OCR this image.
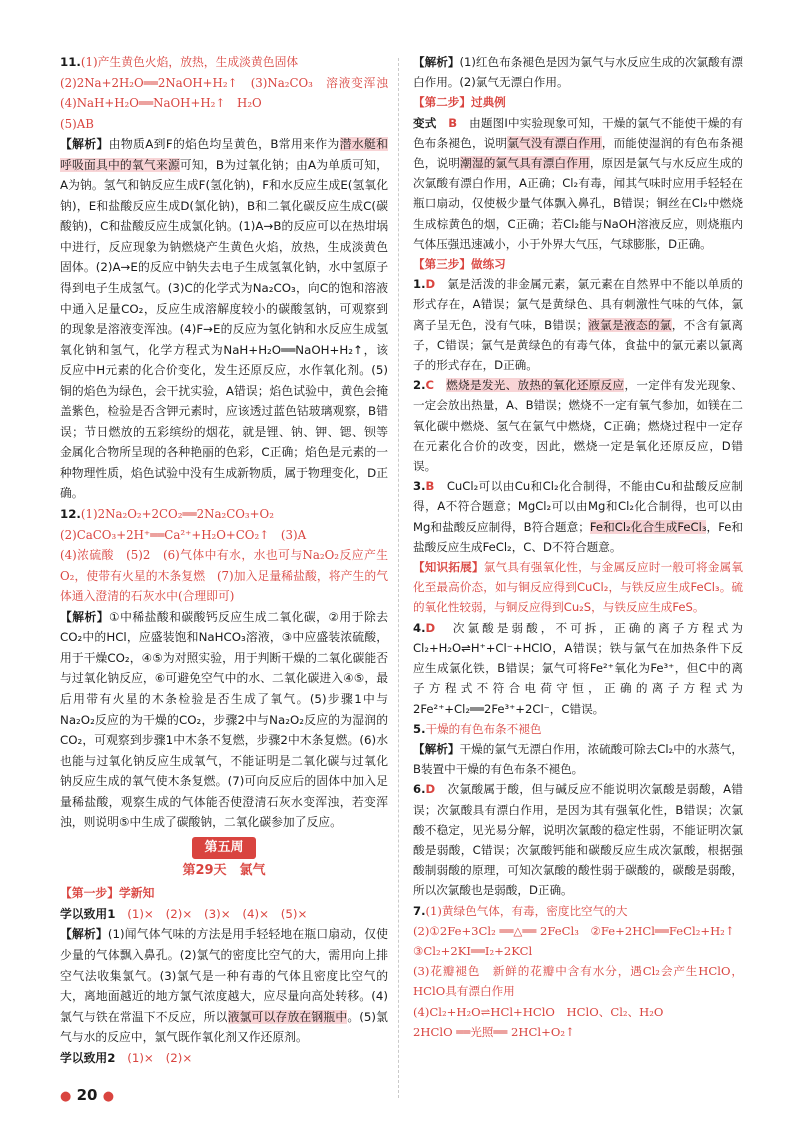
11.(1)产生黄色火焰，放热，生成淡黄色固体

(2)2Na+2H₂O══2NaOH+H₂↑　(3)Na₂CO₃　溶液变浑浊　(4)NaH+H₂O══NaOH+H₂↑　H₂O

(5)AB

【解析】由物质A到F的焰色均呈黄色，B常用来作为潜水艇和呼吸面具中的氧气来源可知，B为过氧化钠；由A为单质可知，A为钠。氢气和钠反应生成F(氢化钠)，F和水反应生成E(氢氧化钠)，E和盐酸反应生成D(氯化钠)，B和二氧化碳反应生成C(碳酸钠)，C和盐酸反应生成氯化钠。(1)A→B的反应可以在热坩埚中进行，反应现象为钠燃烧产生黄色火焰，放热，生成淡黄色固体。(2)A→E的反应中钠失去电子生成氢氧化钠，水中氢原子得到电子生成氢气。(3)C的化学式为Na₂CO₃，向C的饱和溶液中通入足量CO₂，反应生成溶解度较小的碳酸氢钠，可观察到的现象是溶液变浑浊。(4)F→E的反应为氢化钠和水反应生成氢氧化钠和氢气，化学方程式为NaH+H₂O══NaOH+H₂↑，该反应中H元素的化合价变化，发生还原反应，水作氧化剂。(5)铜的焰色为绿色，会干扰实验，A错误；焰色试验中，黄色会掩盖紫色，检验是否含钾元素时，应该透过蓝色钴玻璃观察，B错误；节日燃放的五彩缤纷的烟花，就是锂、钠、钾、锶、钡等金属化合物所呈现的各种艳丽的色彩，C正确；焰色是元素的一种物理性质，焰色试验中没有生成新物质，属于物理变化，D正确。

12.(1)2Na₂O₂+2CO₂══2Na₂CO₃+O₂

(2)CaCO₃+2H⁺══Ca²⁺+H₂O+CO₂↑　(3)A

(4)浓硫酸　(5)2　(6)气体中有水，水也可与Na₂O₂反应产生O₂，使带有火星的木条复燃　(7)加入足量稀盐酸，将产生的气体通入澄清的石灰水中(合理即可)

【解析】①中稀盐酸和碳酸钙反应生成二氧化碳，②用于除去CO₂中的HCl，应盛装饱和NaHCO₃溶液，③中应盛装浓硫酸，用于干燥CO₂，④⑤为对照实验，用于判断干燥的二氧化碳能否与过氧化钠反应，⑥可避免空气中的水、二氧化碳进入④⑤，最后用带有火星的木条检验是否生成了氧气。(5)步骤1中与Na₂O₂反应的为干燥的CO₂，步骤2中与Na₂O₂反应的为湿润的CO₂，可观察到步骤1中木条不复燃，步骤2中木条复燃。(6)水也能与过氧化钠反应生成氧气，不能证明是二氧化碳与过氧化钠反应生成的氧气使木条复燃。(7)可向反应后的固体中加入足量稀盐酸，观察生成的气体能否使澄清石灰水变浑浊，若变浑浊，则说明⑤中生成了碳酸钠，二氧化碳参加了反应。

第五周

第29天　氯气

【第一步】学新知

学以致用1　 (1)×　(2)×　(3)×　(4)×　(5)×

【解析】(1)闻气体气味的方法是用手轻轻地在瓶口扇动，仅使少量的气体飘入鼻孔。(2)氯气的密度比空气的大，需用向上排空气法收集氯气。(3)氯气是一种有毒的气体且密度比空气的大，离地面越近的地方氯气浓度越大，应尽量向高处转移。(4)氯气与铁在常温下不反应，所以液氯可以存放在钢瓶中。(5)氯气与水的反应中，氯气既作氧化剂又作还原剂。

学以致用2　 (1)×　(2)×

【解析】(1)红色布条褪色是因为氯气与水反应生成的次氯酸有漂白作用。(2)氯气无漂白作用。

【第二步】过典例

变式　 B　 由题图Ⅰ中实验现象可知，干燥的氯气不能使干燥的有色布条褪色，说明氯气没有漂白作用，而能使湿润的有色布条褪色，说明潮湿的氯气具有漂白作用，原因是氯气与水反应生成的次氯酸有漂白作用，A正确；Cl₂有毒，闻其气味时应用手轻轻在瓶口扇动，仅使极少量气体飘入鼻孔，B错误；铜丝在Cl₂中燃烧生成棕黄色的烟，C正确；若Cl₂能与NaOH溶液反应，则烧瓶内气体压强迅速减小，小于外界大气压，气球膨胀，D正确。

【第三步】做练习

1.D　 氯是活泼的非金属元素，氯元素在自然界中不能以单质的形式存在，A错误；氯气是黄绿色、具有刺激性气味的气体，氯离子呈无色，没有气味，B错误；液氯是液态的氯，不含有氯离子，C错误；氯气是黄绿色的有毒气体，食盐中的氯元素以氯离子的形式存在，D正确。

2.C　 燃烧是发光、放热的氧化还原反应，一定伴有发光现象、一定会放出热量，A、B错误；燃烧不一定有氧气参加，如镁在二氧化碳中燃烧、氢气在氯气中燃烧，C正确；燃烧过程中一定存在元素化合价的改变，因此，燃烧一定是氧化还原反应，D错误。

3.B　 CuCl₂可以由Cu和Cl₂化合制得，不能由Cu和盐酸反应制得，A不符合题意；MgCl₂可以由Mg和Cl₂化合制得，也可以由Mg和盐酸反应制得，B符合题意；Fe和Cl₂化合生成FeCl₃，Fe和盐酸反应生成FeCl₂，C、D不符合题意。

【知识拓展】氯气具有强氧化性，与金属反应时一般可将金属氧化至最高价态，如与铜反应得到CuCl₂，与铁反应生成FeCl₃。硫的氧化性较弱，与铜反应得到Cu₂S，与铁反应生成FeS。

4.D　 次氯酸是弱酸，不可拆，正确的离子方程式为Cl₂+H₂O⇌H⁺+Cl⁻+HClO，A错误；铁与氯气在加热条件下反应生成氯化铁，B错误；氯气可将Fe²⁺氧化为Fe³⁺，但C中的离子方程式不符合电荷守恒，正确的离子方程式为2Fe²⁺+Cl₂══2Fe³⁺+2Cl⁻，C错误。

5.干燥的有色布条不褪色

【解析】干燥的氯气无漂白作用，浓硫酸可除去Cl₂中的水蒸气，B装置中干燥的有色布条不褪色。

6.D　 次氯酸属于酸，但与碱反应不能说明次氯酸是弱酸，A错误；次氯酸具有漂白作用，是因为其有强氧化性，B错误；次氯酸不稳定，见光易分解，说明次氯酸的稳定性弱，不能证明次氯酸是弱酸，C错误；次氯酸钙能和碳酸反应生成次氯酸，根据强酸制弱酸的原理，可知次氯酸的酸性弱于碳酸的，碳酸是弱酸，所以次氯酸也是弱酸，D正确。

7.(1)黄绿色气体，有毒，密度比空气的大

(2)①2Fe+3Cl₂ ══△══ 2FeCl₃　②Fe+2HCl══FeCl₂+H₂↑

③Cl₂+2KI══I₂+2KCl

(3)花瓣褪色　新鲜的花瓣中含有水分，遇Cl₂会产生HClO，HClO具有漂白作用

(4)Cl₂+H₂O⇌HCl+HClO　HClO、Cl₂、H₂O

2HClO ══光照══ 2HCl+O₂↑

● 20 ●
